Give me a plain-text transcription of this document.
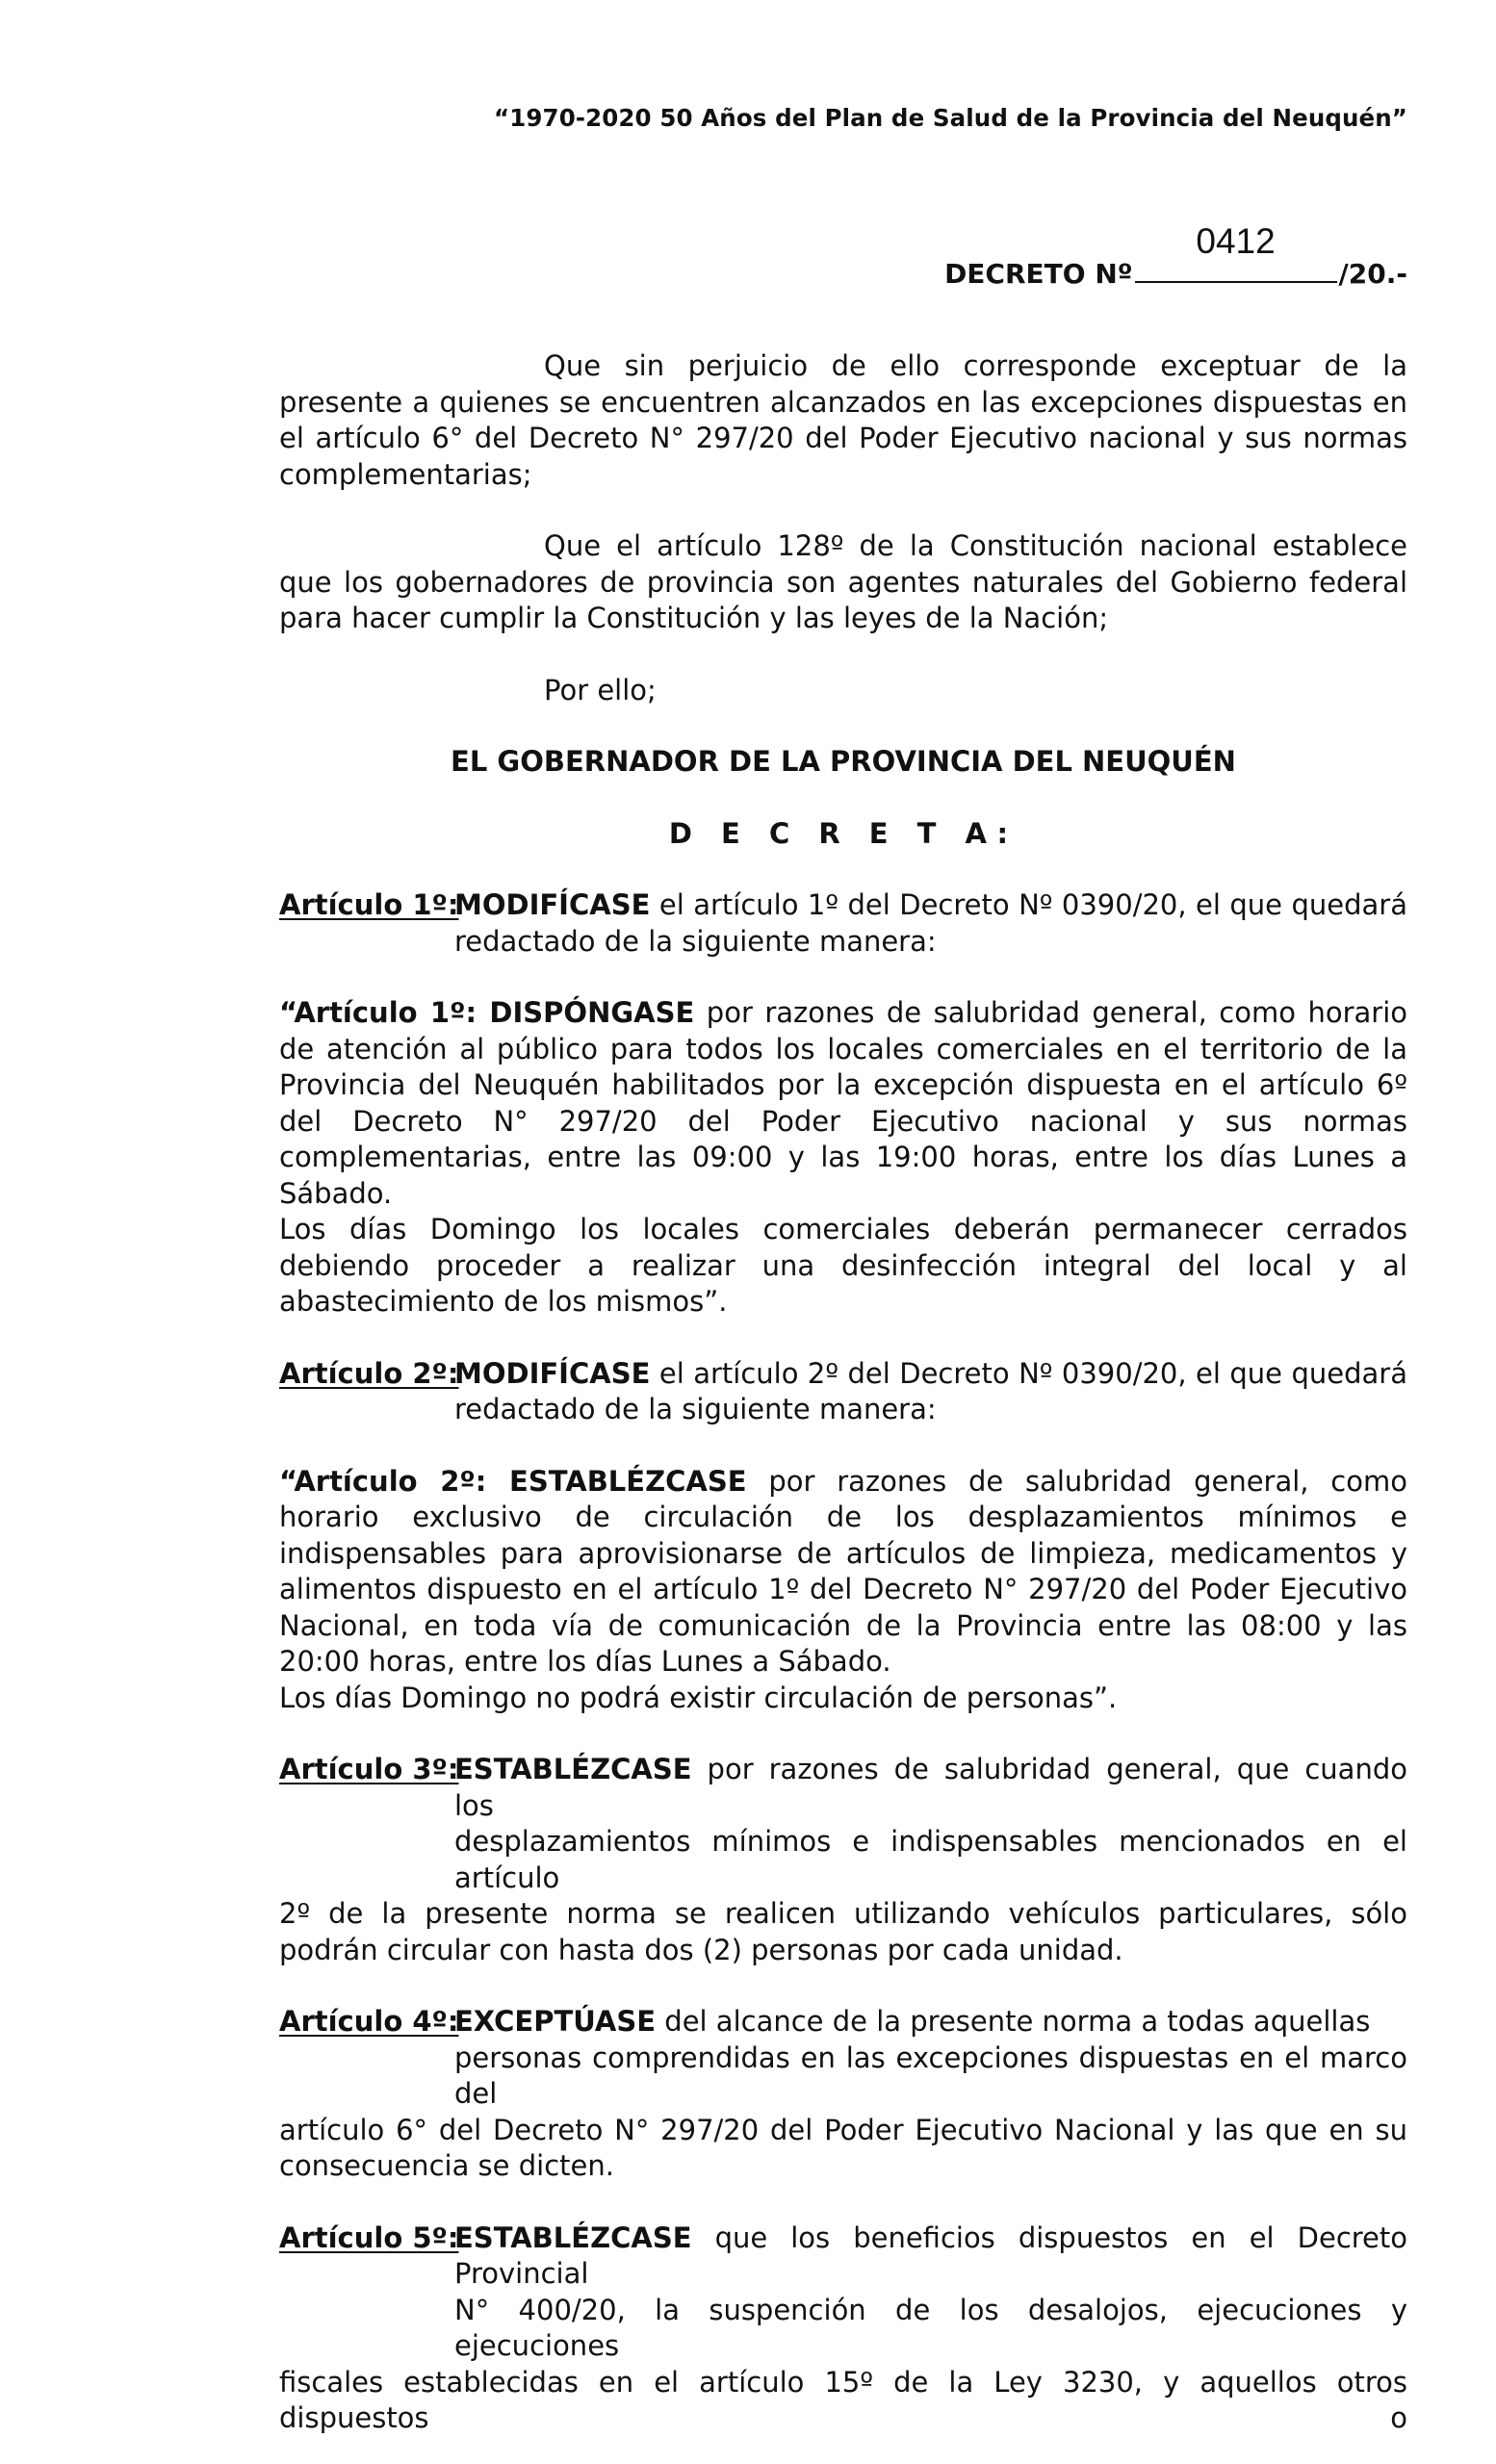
“1970-2020 50 Años del Plan de Salud de la Provincia del Neuquén”
DECRETO Nº
0412
/20.-

Que sin perjuicio de ello corresponde exceptuar de la presente a quienes se encuentren alcanzados en las excepciones dispuestas en el artículo 6° del Decreto N° 297/20 del Poder Ejecutivo nacional y sus normas complementarias;

Que el artículo 128º de la Constitución nacional establece que los gobernadores de provincia son agentes naturales del Gobierno federal para hacer cumplir la Constitución y las leyes de la Nación;

Por ello;

EL GOBERNADOR DE LA PROVINCIA DEL NEUQUÉN

D E C R E T A:

Artículo 1º:
MODIFÍCASE el artículo 1º del Decreto Nº 0390/20, el que quedará redactado de la siguiente manera:
“Artículo 1º: DISPÓNGASE por razones de salubridad general, como horario de atención al público para todos los locales comerciales en el territorio de la Provincia del Neuquén habilitados por la excepción dispuesta en el artículo 6º del Decreto N° 297/20 del Poder Ejecutivo nacional y sus normas complementarias, entre las 09:00 y las 19:00 horas, entre los días Lunes a Sábado.
Los días Domingo los locales comerciales deberán permanecer cerrados debiendo proceder a realizar una desinfección integral del local y al abastecimiento de los mismos”.
Artículo 2º:
MODIFÍCASE el artículo 2º del Decreto Nº 0390/20, el que quedará redactado de la siguiente manera:
“Artículo 2º: ESTABLÉZCASE por razones de salubridad general, como horario exclusivo de circulación de los desplazamientos mínimos e indispensables para aprovisionarse de artículos de limpieza, medicamentos y alimentos dispuesto en el artículo 1º del Decreto N° 297/20 del Poder Ejecutivo Nacional, en toda vía de comunicación de la Provincia entre las 08:00 y las 20:00 horas, entre los días Lunes a Sábado.
Los días Domingo no podrá existir circulación de personas”.
Artículo 3º:
ESTABLÉZCASE por razones de salubridad general, que cuando los
desplazamientos mínimos e indispensables mencionados en el artículo
2º de la presente norma se realicen utilizando vehículos particulares, sólo podrán circular con hasta dos (2) personas por cada unidad.
Artículo 4º:
EXCEPTÚASE del alcance de la presente norma a todas aquellas
personas comprendidas en las excepciones dispuestas en el marco del
artículo 6° del Decreto N° 297/20 del Poder Ejecutivo Nacional y las que en su consecuencia se dicten.
Artículo 5º:
ESTABLÉZCASE que los beneficios dispuestos en el Decreto Provincial
N° 400/20, la suspención de los desalojos, ejecuciones y ejecuciones
fiscales establecidas en el artículo 15º de la Ley 3230, y aquellos otros dispuestos o
